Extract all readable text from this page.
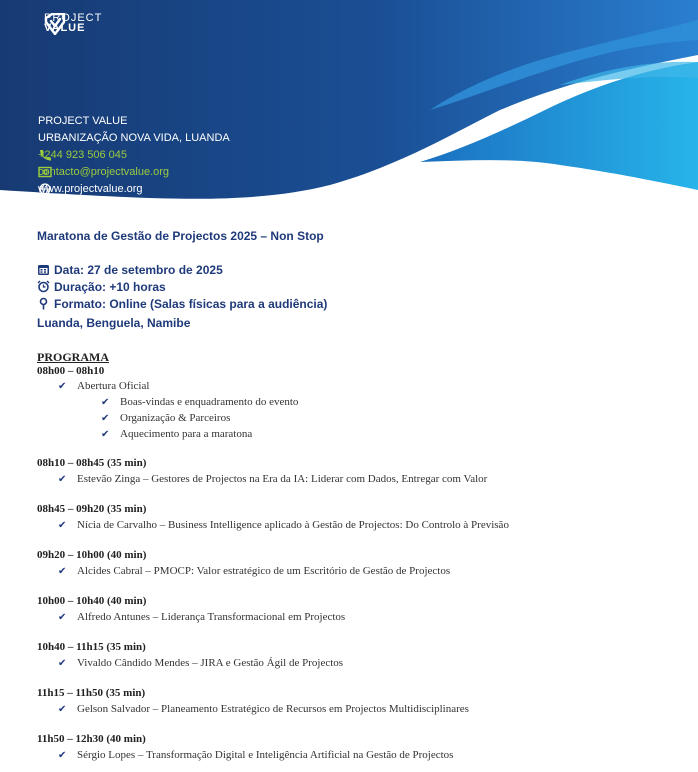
PROJECT
VALUE
PROJECT VALUE
URBANIZAÇÃO NOVA VIDA, LUANDA
+244 923 506 045
contacto@projectvalue.org
www.projectvalue.org
Maratona de Gestão de Projectos 2025 – Non Stop
Data: 27 de setembro de 2025
Duração: +10 horas
Formato: Online (Salas físicas para a audiência)
Luanda, Benguela, Namibe
PROGRAMA
08h00 – 08h10
✔ Abertura Oficial
✔ Boas-vindas e enquadramento do evento
✔ Organização & Parceiros
✔ Aquecimento para a maratona
08h10 – 08h45 (35 min)
✔ Estevão Zinga – Gestores de Projectos na Era da IA: Liderar com Dados, Entregar com Valor
08h45 – 09h20 (35 min)
✔ Nícia de Carvalho – Business Intelligence aplicado à Gestão de Projectos: Do Controlo à Previsão
09h20 – 10h00 (40 min)
✔ Alcides Cabral – PMOCP: Valor estratégico de um Escritório de Gestão de Projectos
10h00 – 10h40 (40 min)
✔ Alfredo Antunes – Liderança Transformacional em Projectos
10h40 – 11h15 (35 min)
✔ Vivaldo Cândido Mendes – JIRA e Gestão Ágil de Projectos
11h15 – 11h50 (35 min)
✔ Gelson Salvador – Planeamento Estratégico de Recursos em Projectos Multidisciplinares
11h50 – 12h30 (40 min)
✔ Sérgio Lopes – Transformação Digital e Inteligência Artificial na Gestão de Projectos
